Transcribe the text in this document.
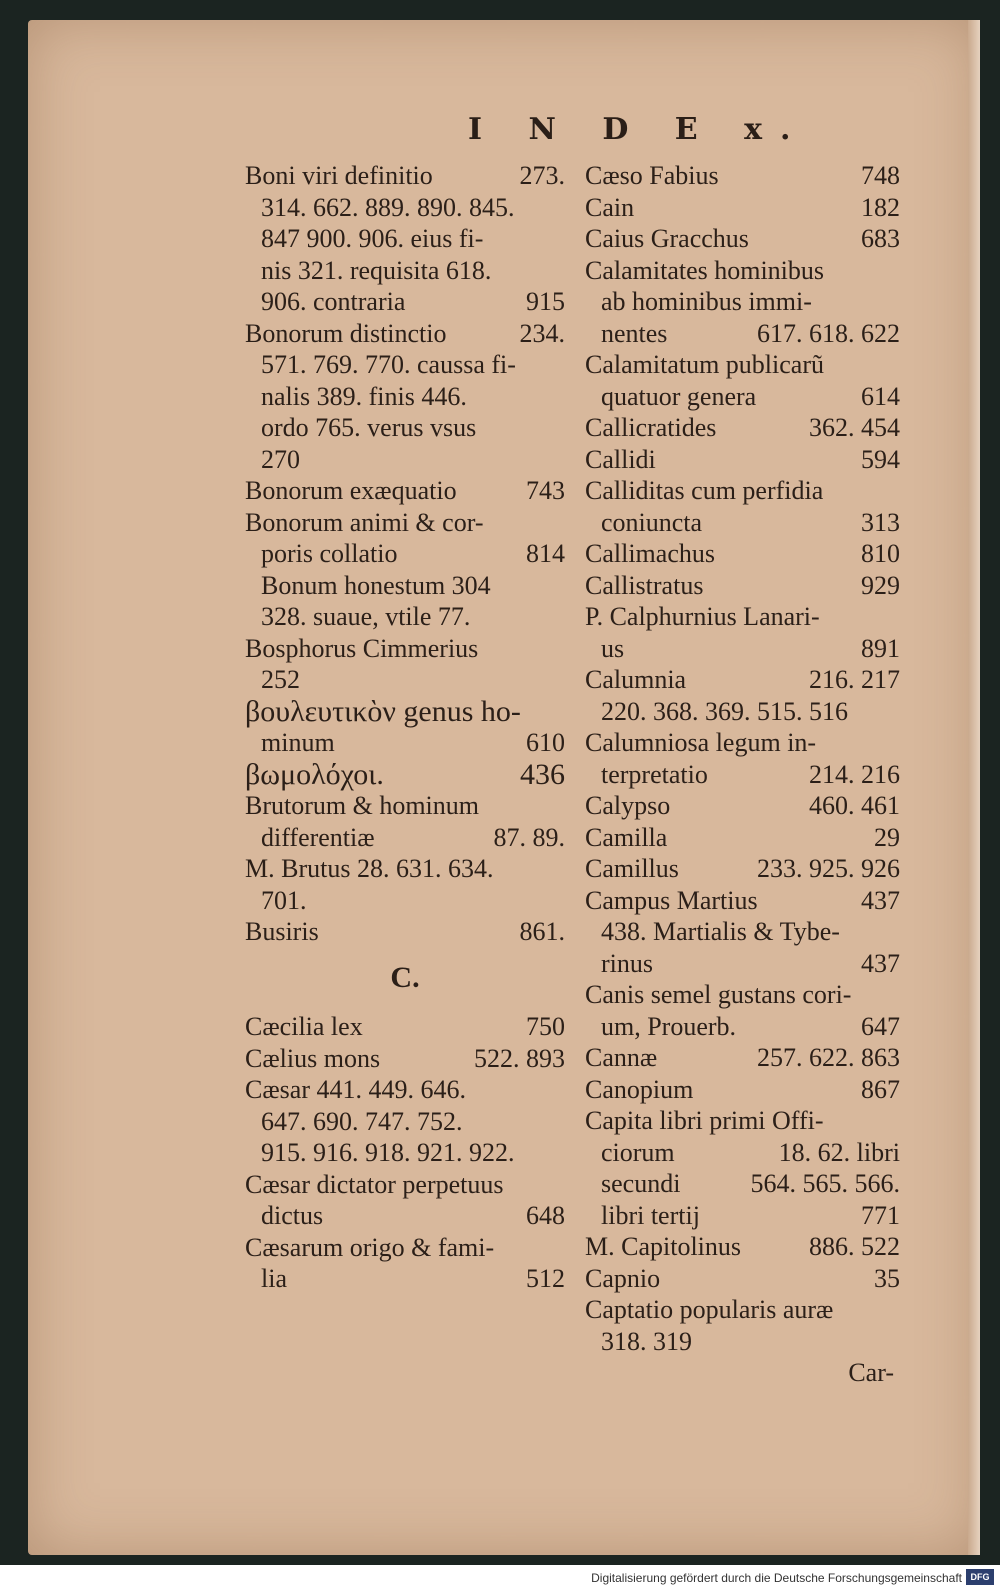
I N D E x.
Boni viri definitio	273.
314. 662. 889. 890. 845.
847 900. 906. eius fi-
nis 321. requisita 618.
906. contraria	915
Bonorum distinctio	234.
571. 769. 770. caussa fi-
nalis 389. finis 446.
ordo 765. verus vsus
270
Bonorum exæquatio	743
Bonorum animi & cor-
poris collatio	814
Bonum honestum 304
328. suaue, vtile 77.
Bosphorus Cimmerius
252
βουλευτικὸν genus ho-
minum	610
βωμολόχοι.	436
Brutorum & hominum
differentiæ	87. 89.
M. Brutus 28. 631. 634.
701.
Busiris	861.
C.
Cæcilia lex	750
Cælius mons	522. 893
Cæsar 441. 449. 646.
647. 690. 747. 752.
915. 916. 918. 921. 922.
Cæsar dictator perpetuus
dictus	648
Cæsarum origo & fami-
lia	512
Cæso Fabius	748
Cain	182
Caius Gracchus	683
Calamitates hominibus
ab hominibus immi-
nentes	617. 618. 622
Calamitatum publicarũ
quatuor genera	614
Callicratides	362. 454
Callidi	594
Calliditas cum perfidia
coniuncta	313
Callimachus	810
Callistratus	929
P. Calphurnius Lanari-
us	891
Calumnia	216. 217
220. 368. 369. 515. 516
Calumniosa legum in-
terpretatio	214. 216
Calypso	460. 461
Camilla	29
Camillus	233. 925. 926
Campus Martius	437
438. Martialis & Tybe-
rinus	437
Canis semel gustans cori-
um, Prouerb.	647
Cannæ	257. 622. 863
Canopium	867
Capita libri primi Offi-
ciorum	18. 62. libri
secundi	564. 565. 566.
libri tertij	771
M. Capitolinus	886. 522
Capnio	35
Captatio popularis auræ
318. 319
Car-
Digitalisierung gefördert durch die Deutsche Forschungsgemeinschaft DFG
